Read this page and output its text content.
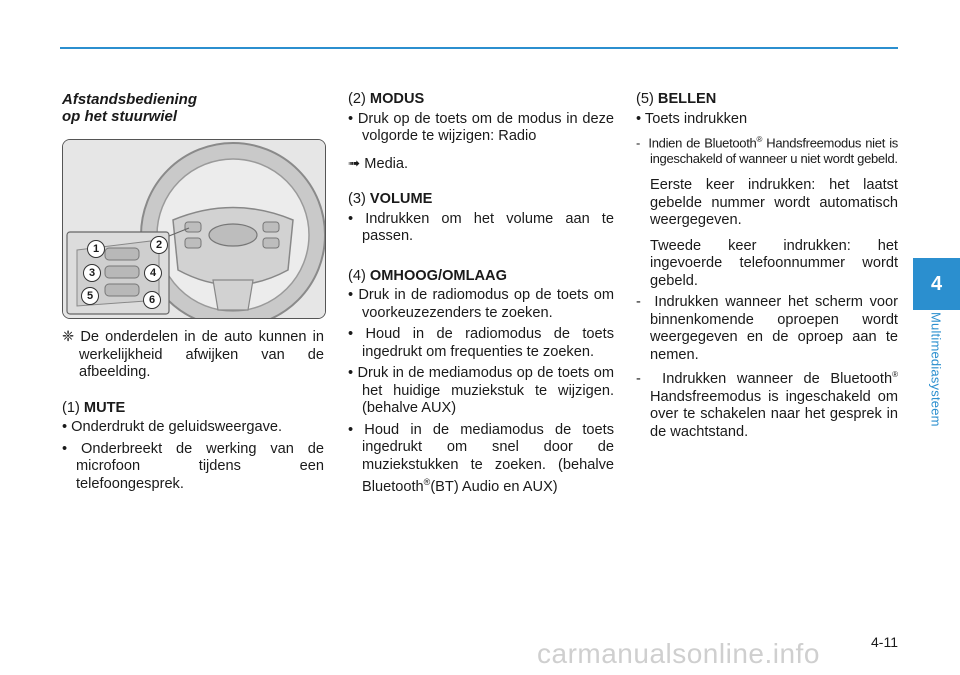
4
Multimediasysteem
Afstandsbediening
op het stuurwiel
1	2
3	4
5	6
❈ De onderdelen in de auto kunnen in werkelijkheid afwijken van de afbeelding.
(1) MUTE
• Onderdrukt de geluidsweergave.
• Onderbreekt de werking van de microfoon tijdens een telefoongesprek.
(2) MODUS
• Druk op de toets om de modus in deze volgorde te wijzigen: Radio
➟ Media.
(3) VOLUME
• Indrukken om het volume aan te passen.
(4) OMHOOG/OMLAAG
• Druk in de radiomodus op de toets om voorkeuzezenders te zoeken.
• Houd in de radiomodus de toets ingedrukt om frequenties te zoeken.
• Druk in de mediamodus op de toets om het huidige muziekstuk te wijzigen. (behalve AUX)
• Houd in de mediamodus de toets ingedrukt om snel door de muziekstukken te zoeken. (behalve Bluetooth®(BT) Audio en AUX)
(5) BELLEN
• Toets indrukken
- Indien de Bluetooth® Handsfreemodus niet is ingeschakeld of wanneer u niet wordt gebeld.
Eerste keer indrukken: het laatst gebelde nummer wordt automatisch weergegeven.
Tweede keer indrukken: het ingevoerde telefoonnummer wordt gebeld.
- Indrukken wanneer het scherm voor binnenkomende oproepen wordt weergegeven en de oproep aan te nemen.
- Indrukken wanneer de Bluetooth® Handsfreemodus is ingeschakeld om over te schakelen naar het gesprek in de wachtstand.
4-11
carmanualsonline.info
